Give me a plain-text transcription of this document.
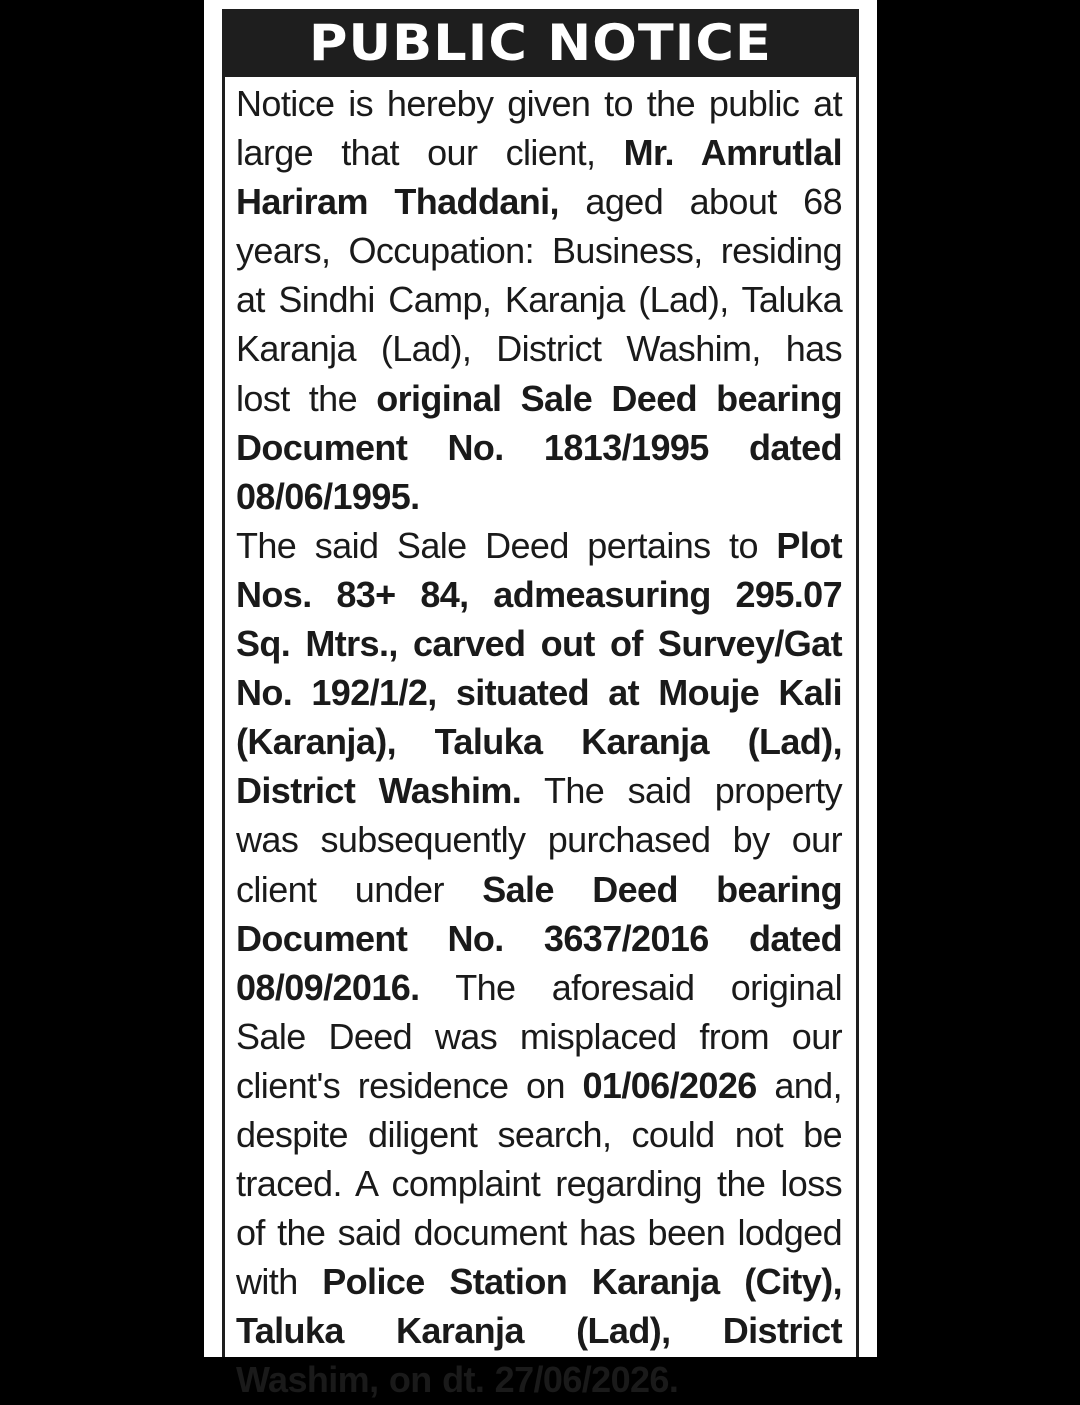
PUBLIC NOTICE

Notice is hereby given to the public at large that our client, Mr. Amrutlal Hariram Thaddani, aged about 68 years, Occupation: Business, residing at Sindhi Camp, Karanja (Lad), Taluka Karanja (Lad), District Washim, has lost the original Sale Deed bearing Document No. 1813/1995 dated 08/06/1995.

The said Sale Deed pertains to Plot Nos. 83+ 84, admeasuring 295.07 Sq. Mtrs., carved out of Survey/Gat No. 192/1/2, situated at Mouje Kali (Karanja), Taluka Karanja (Lad), District Washim. The said property was subsequently purchased by our client under Sale Deed bearing Document No. 3637/2016 dated 08/09/2016. The aforesaid original Sale Deed was misplaced from our client's residence on 01/06/2026 and, despite diligent search, could not be traced. A complaint regarding the loss of the said document has been lodged with Police Station Karanja (City), Taluka Karanja (Lad), District Washim, on dt. 27/06/2026.
